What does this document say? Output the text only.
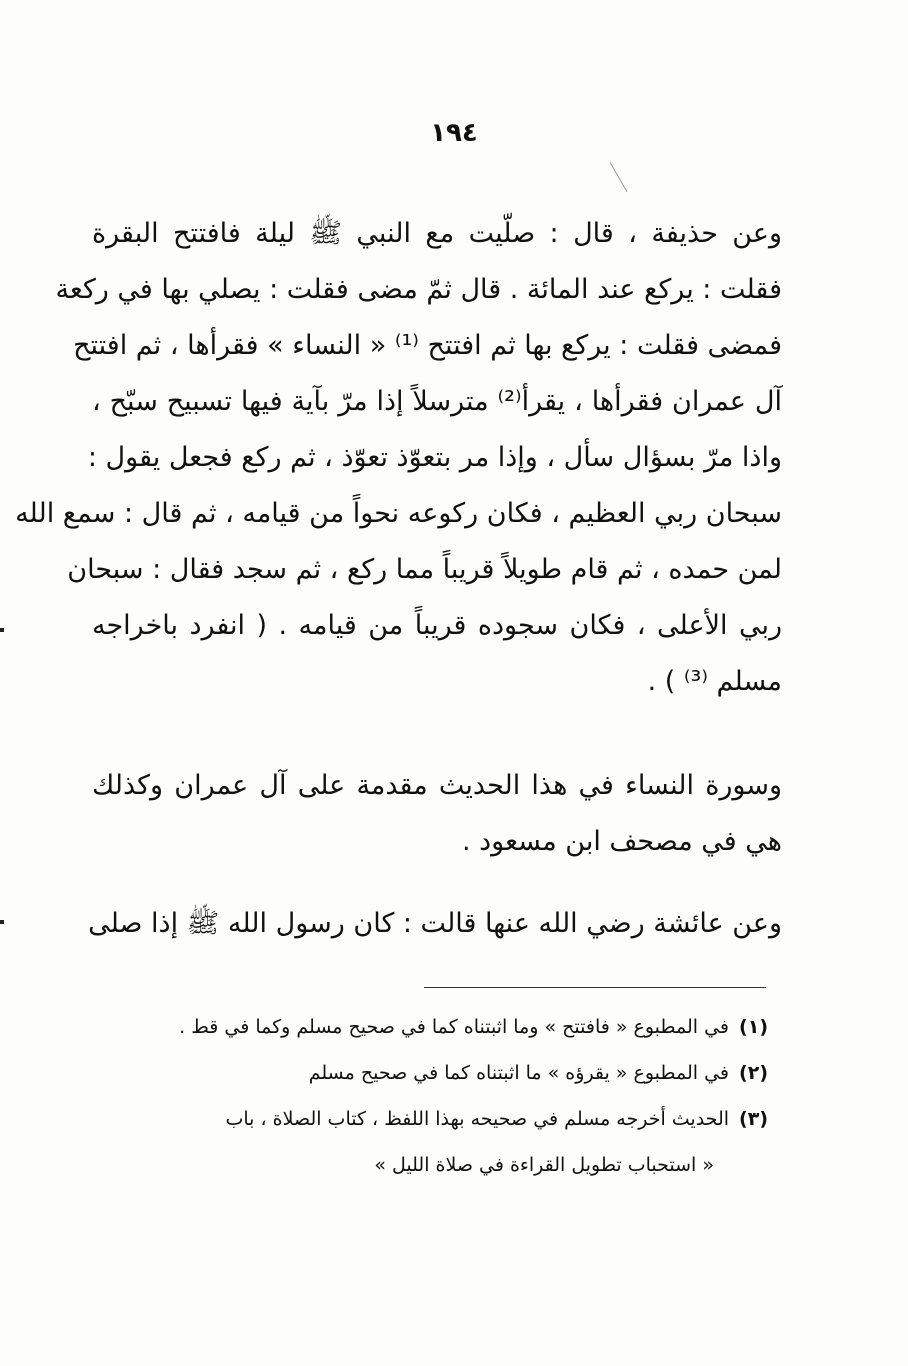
١٩٤
وعن حذيفة ، قال : صلّيت مع النبي ﷺ ليلة فافتتح البقرة
فقلت : يركع عند المائة . قال ثمّ مضى فقلت : يصلي بها في ركعة
فمضى فقلت : يركع بها ثم افتتح ⁽¹⁾ « النساء » فقرأها ، ثم افتتح
آل عمران فقرأها ، يقرأ⁽²⁾ مترسلاً إذا مرّ بآية فيها تسبيح سبّح ،
واذا مرّ بسؤال سأل ، وإذا مر بتعوّذ تعوّذ ، ثم ركع فجعل يقول :
سبحان ربي العظيم ، فكان ركوعه نحواً من قيامه ، ثم قال : سمع الله
لمن حمده ، ثم قام طويلاً قريباً مما ركع ، ثم سجد فقال : سبحان
ربي الأعلى ، فكان سجوده قريباً من قيامه . ( انفرد باخراجه
مسلم ⁽³⁾ ) .
وسورة النساء في هذا الحديث مقدمة على آل عمران وكذلك
هي في مصحف ابن مسعود .
وعن عائشة رضي الله عنها قالت : كان رسول الله ﷺ إذا صلى
(١)في المطبوع « فافتتح » وما اثبتناه كما في صحيح مسلم وكما في قط .
(٢)في المطبوع « يقرؤه » ما اثبتناه كما في صحيح مسلم
(٣)الحديث أخرجه مسلم في صحيحه بهذا اللفظ ، كتاب الصلاة ، باب
« استحباب تطويل القراءة في صلاة الليل »
